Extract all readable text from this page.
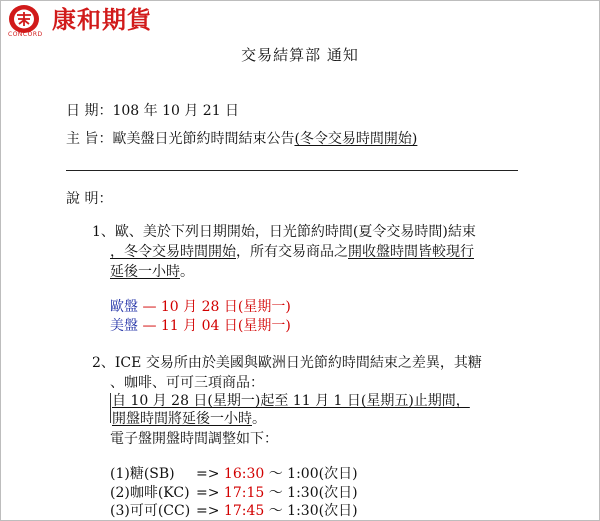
康和期貨
CONCORD
交易結算部 通知
日 期：108 年 10 月 21 日
主 旨：歐美盤日光節約時間結束公告(冬令交易時間開始)
說 明：
1、歐、美於下列日期開始，日光節約時間(夏令交易時間)結束
，冬令交易時間開始，所有交易商品之開收盤時間皆較現行
延後一小時。
歐盤 — 10 月 28 日(星期一)
美盤 — 11 月 04 日(星期一)
2、ICE 交易所由於美國與歐洲日光節約時間結束之差異，其糖
、咖啡、可可三項商品：
自 10 月 28 日(星期一)起至 11 月 1 日(星期五)止期間，
開盤時間將延後一小時。
電子盤開盤時間調整如下：
(1)糖(SB) => 16:30 ～ 1:00(次日)
(2)咖啡(KC) => 17:15 ～ 1:30(次日)
(3)可可(CC) => 17:45 ～ 1:30(次日)
